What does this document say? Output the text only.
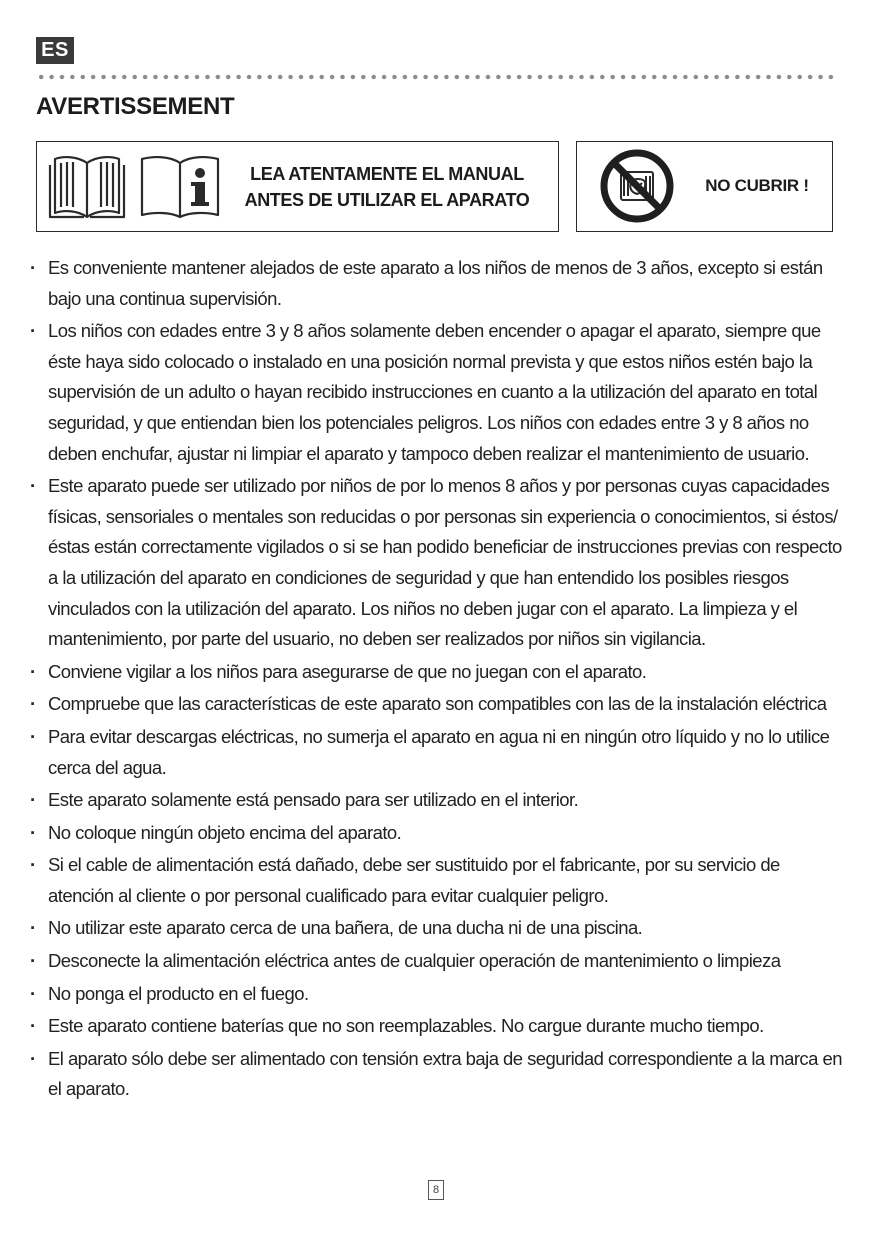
ES
AVERTISSEMENT
LEA ATENTAMENTE EL MANUAL
ANTES DE UTILIZAR EL APARATO
NO CUBRIR !
· Es conveniente mantener alejados de este aparato a los niños de menos de 3 años, excepto si están bajo una continua supervisión.
· Los niños con edades entre 3 y 8 años solamente deben encender o apagar el aparato, siempre que éste haya sido colocado o instalado en una posición normal prevista y que estos niños estén bajo la supervisión de un adulto o hayan recibido instrucciones en cuanto a la utilización del aparato en total seguridad, y que entiendan bien los potenciales peligros. Los niños con edades entre 3 y 8 años no deben enchufar, ajustar ni limpiar el aparato y tampoco deben realizar el mantenimiento de usuario.
· Este aparato puede ser utilizado por niños de por lo menos 8 años y por personas cuyas capacidades físicas, sensoriales o mentales son reducidas o por personas sin experiencia o conocimientos, si éstos/éstas están correctamente vigilados o si se han podido beneficiar de instrucciones previas con respecto a la utilización del aparato en condiciones de seguridad y que han entendido los posibles riesgos vinculados con la utilización del aparato. Los niños no deben jugar con el aparato. La limpieza y el mantenimiento, por parte del usuario, no deben ser realizados por niños sin vigilancia.
· Conviene vigilar a los niños para asegurarse de que no juegan con el aparato.
· Compruebe que las características de este aparato son compatibles con las de la instalación eléctrica
· Para evitar descargas eléctricas, no sumerja el aparato en agua ni en ningún otro líquido y no lo utilice cerca del agua.
· Este aparato solamente está pensado para ser utilizado en el interior.
· No coloque ningún objeto encima del aparato.
· Si el cable de alimentación está dañado, debe ser sustituido por el fabricante, por su servicio de atención al cliente o por personal cualificado para evitar cualquier peligro.
· No utilizar este aparato cerca de una bañera, de una ducha ni de una piscina.
· Desconecte la alimentación eléctrica antes de cualquier operación de mantenimiento o limpieza
· No ponga el producto en el fuego.
· Este aparato contiene baterías que no son reemplazables. No cargue durante mucho tiempo.
· El aparato sólo debe ser alimentado con tensión extra baja de seguridad correspondiente a la marca en el aparato.
8
